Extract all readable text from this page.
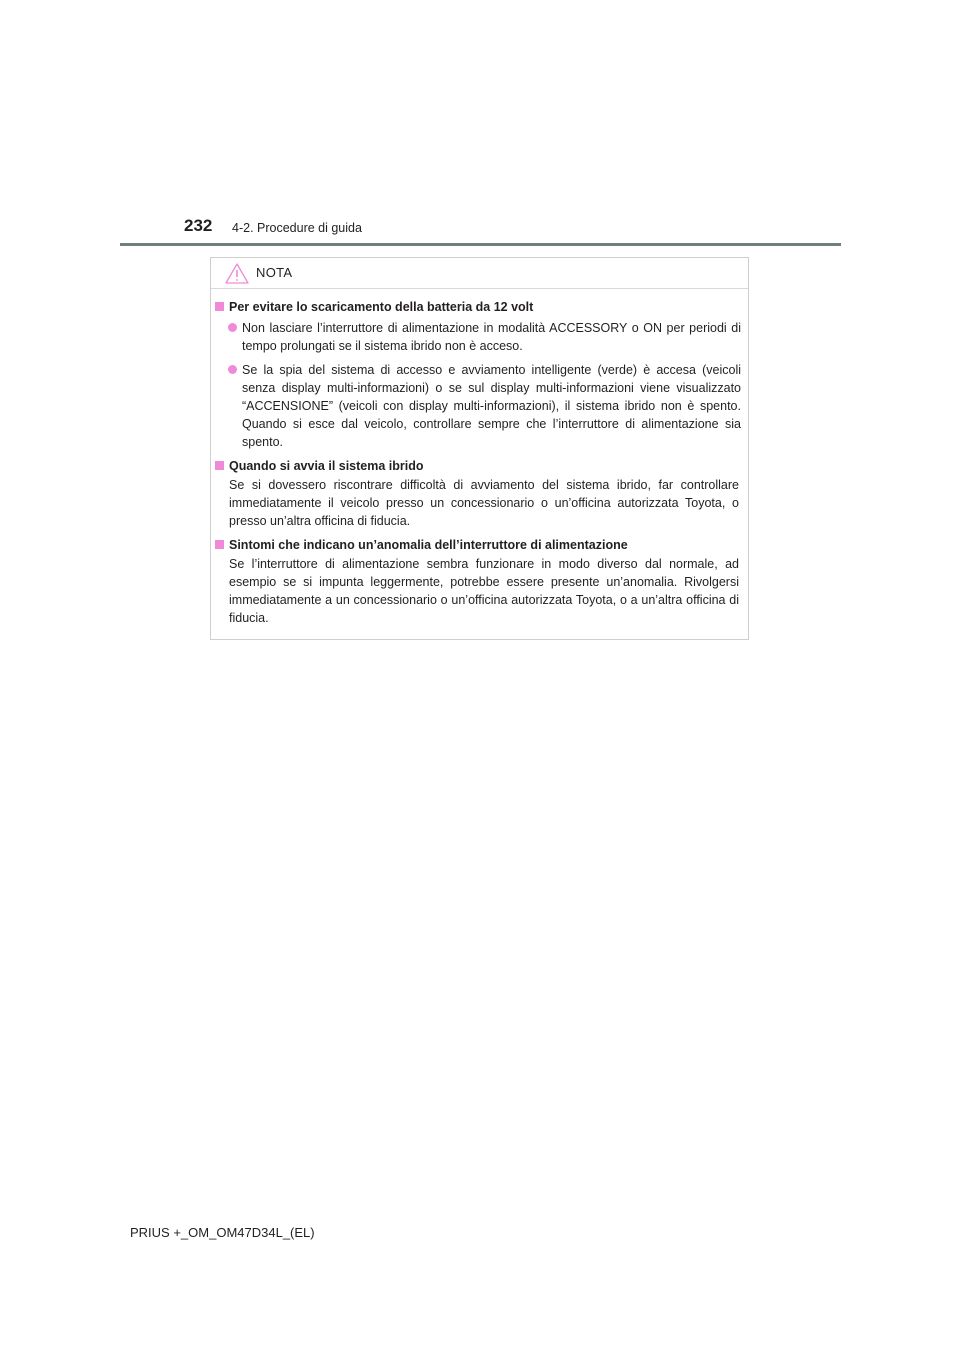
232 4-2. Procedure di guida
NOTA
Per evitare lo scaricamento della batteria da 12 volt
Non lasciare l’interruttore di alimentazione in modalità ACCESSORY o ON per periodi di tempo prolungati se il sistema ibrido non è acceso.
Se la spia del sistema di accesso e avviamento intelligente (verde) è accesa (veicoli senza display multi-informazioni) o se sul display multi-informazioni viene visualizzato “ACCENSIONE” (veicoli con display multi-informazioni), il sistema ibrido non è spento. Quando si esce dal veicolo, controllare sempre che l’interruttore di alimentazione sia spento.
Quando si avvia il sistema ibrido
Se si dovessero riscontrare difficoltà di avviamento del sistema ibrido, far controllare immediatamente il veicolo presso un concessionario o un’officina autorizzata Toyota, o presso un’altra officina di fiducia.
Sintomi che indicano un’anomalia dell’interruttore di alimentazione
Se l’interruttore di alimentazione sembra funzionare in modo diverso dal normale, ad esempio se si impunta leggermente, potrebbe essere presente un’anomalia. Rivolgersi immediatamente a un concessionario o un’officina autorizzata Toyota, o a un’altra officina di fiducia.
PRIUS +_OM_OM47D34L_(EL)
